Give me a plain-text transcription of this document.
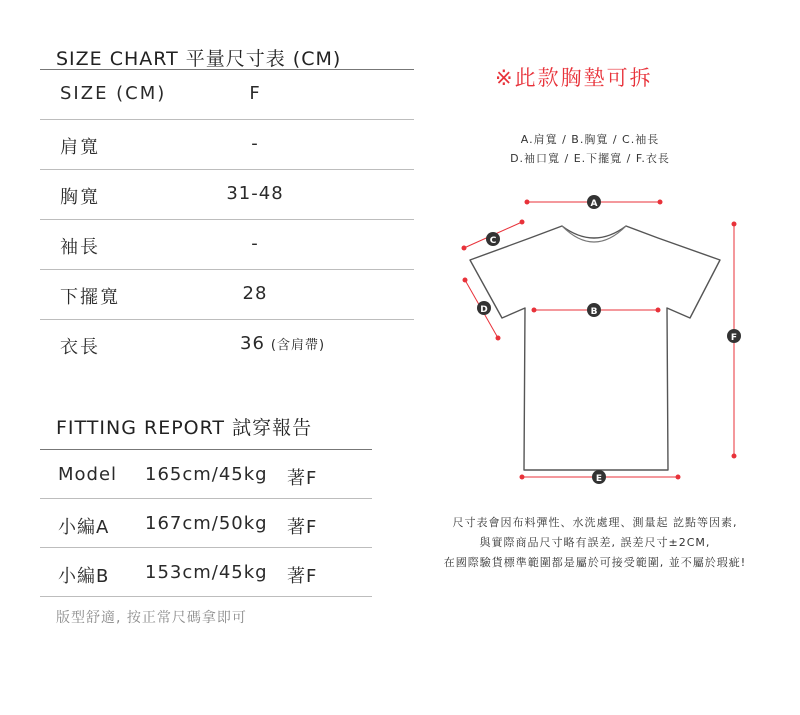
SIZE CHART 平量尺寸表 (CM)
SIZE (CM)	F
肩寬	-
胸寬	31-48
袖長	-
下擺寬	28
衣長	36 (含肩帶)
FITTING REPORT 試穿報告
Model 165cm/45kg 著F
小編A 167cm/50kg 著F
小編B 153cm/45kg 著F
版型舒適, 按正常尺碼拿即可
※此款胸墊可拆
A.肩寬 / B.胸寬 / C.袖長
D.袖口寬 / E.下擺寬 / F.衣長
A
B
C
D
E
F
尺寸表會因布料彈性、水洗處理、測量起 訖點等因素,
與實際商品尺寸略有誤差, 誤差尺寸±2CM,
在國際驗貨標準範圍都是屬於可接受範圍, 並不屬於瑕疵!
